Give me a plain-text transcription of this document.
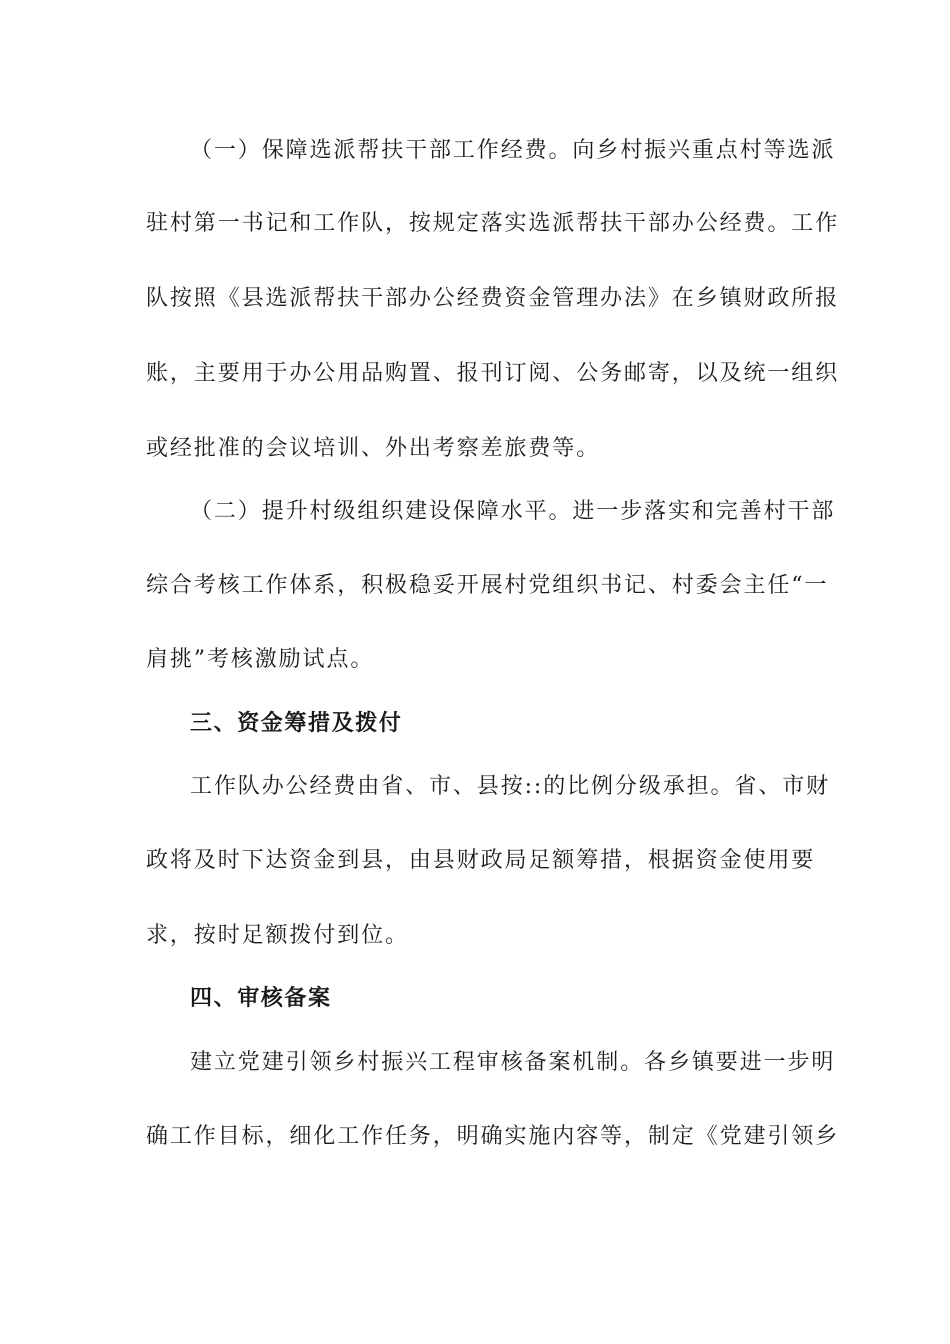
（一）保障选派帮扶干部工作经费。向乡村振兴重点村等选派
驻村第一书记和工作队，按规定落实选派帮扶干部办公经费。工作
队按照《县选派帮扶干部办公经费资金管理办法》在乡镇财政所报
账，主要用于办公用品购置、报刊订阅、公务邮寄，以及统一组织
或经批准的会议培训、外出考察差旅费等。
（二）提升村级组织建设保障水平。进一步落实和完善村干部
综合考核工作体系，积极稳妥开展村党组织书记、村委会主任“一
肩挑”考核激励试点。
三、资金筹措及拨付
工作队办公经费由省、市、县按::的比例分级承担。省、市财
政将及时下达资金到县，由县财政局足额筹措，根据资金使用要
求，按时足额拨付到位。
四、审核备案
建立党建引领乡村振兴工程审核备案机制。各乡镇要进一步明
确工作目标，细化工作任务，明确实施内容等，制定《党建引领乡
